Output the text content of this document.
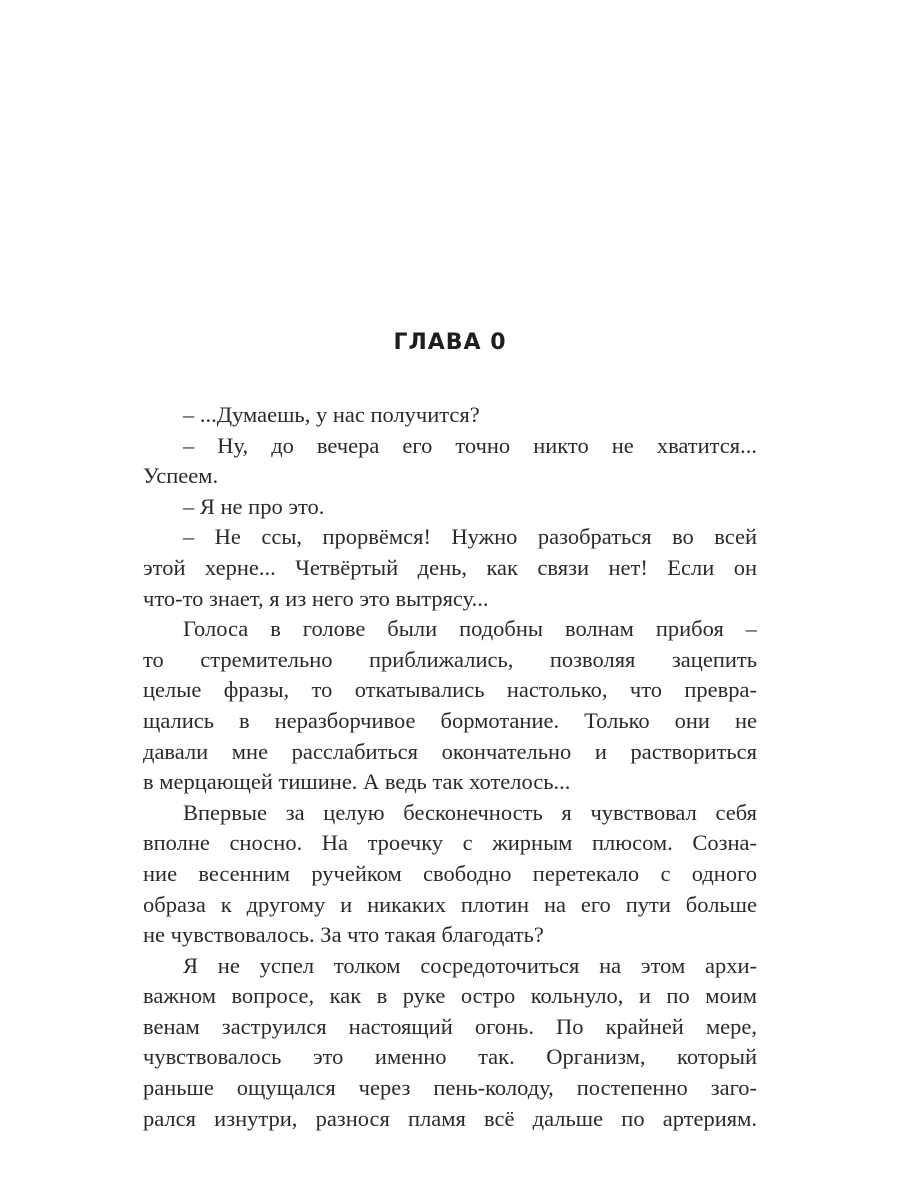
ГЛАВА 0
– ...Думаешь, у нас получится?
– Ну, до вечера его точно никто не хватится...
Успеем.
– Я не про это.
– Не ссы, прорвёмся! Нужно разобраться во всей
этой херне... Четвёртый день, как связи нет! Если он
что-то знает, я из него это вытрясу...
Голоса в голове были подобны волнам прибоя –
то стремительно приближались, позволяя зацепить
целые фразы, то откатывались настолько, что превра-
щались в неразборчивое бормотание. Только они не
давали мне расслабиться окончательно и раствориться
в мерцающей тишине. А ведь так хотелось...
Впервые за целую бесконечность я чувствовал себя
вполне сносно. На троечку с жирным плюсом. Созна-
ние весенним ручейком свободно перетекало с одного
образа к другому и никаких плотин на его пути больше
не чувствовалось. За что такая благодать?
Я не успел толком сосредоточиться на этом архи-
важном вопросе, как в руке остро кольнуло, и по моим
венам заструился настоящий огонь. По крайней мере,
чувствовалось это именно так. Организм, который
раньше ощущался через пень-колоду, постепенно заго-
рался изнутри, разнося пламя всё дальше по артериям.
